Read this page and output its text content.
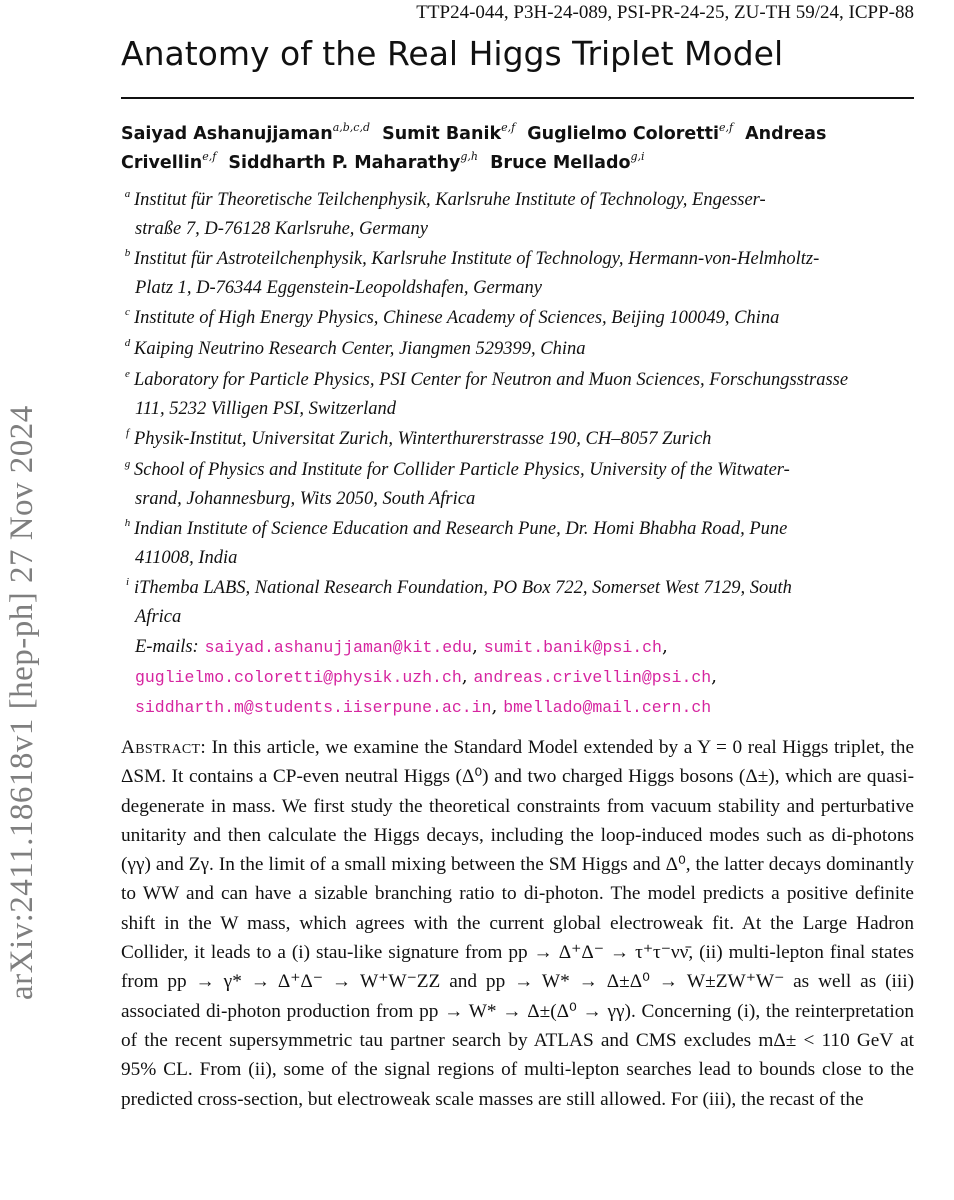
arXiv:2411.18618v1 [hep-ph] 27 Nov 2024
TTP24-044, P3H-24-089, PSI-PR-24-25, ZU-TH 59/24, ICPP-88
Anatomy of the Real Higgs Triplet Model
Saiyad Ashanujjaman$^{a,b,c,d}$ Sumit Banik$^{e,f}$ Guglielmo Coloretti$^{e,f}$ Andreas Crivellin$^{e,f}$ Siddharth P. Maharathy$^{g,h}$ Bruce Mellado$^{g,i}$
$^a$ Institut für Theoretische Teilchenphysik, Karlsruhe Institute of Technology, Engesser-
straße 7, D-76128 Karlsruhe, Germany
$^b$ Institut für Astroteilchenphysik, Karlsruhe Institute of Technology, Hermann-von-Helmholtz-
Platz 1, D-76344 Eggenstein-Leopoldshafen, Germany
$^c$ Institute of High Energy Physics, Chinese Academy of Sciences, Beijing 100049, China
$^d$ Kaiping Neutrino Research Center, Jiangmen 529399, China
$^e$ Laboratory for Particle Physics, PSI Center for Neutron and Muon Sciences, Forschungsstrasse
111, 5232 Villigen PSI, Switzerland
$^f$ Physik-Institut, Universitat Zurich, Winterthurerstrasse 190, CH–8057 Zurich
$^g$ School of Physics and Institute for Collider Particle Physics, University of the Witwater-
srand, Johannesburg, Wits 2050, South Africa
$^h$ Indian Institute of Science Education and Research Pune, Dr. Homi Bhabha Road, Pune
411008, India
$^i$ iThemba LABS, National Research Foundation, PO Box 722, Somerset West 7129, South
Africa
E-mails: saiyad.ashanujjaman@kit.edu, sumit.banik@psi.ch,
guglielmo.coloretti@physik.uzh.ch, andreas.crivellin@psi.ch,
siddharth.m@students.iiserpune.ac.in, bmellado@mail.cern.ch
Abstract: In this article, we examine the Standard Model extended by a Y = 0 real Higgs triplet, the ΔSM. It contains a CP-even neutral Higgs (Δ⁰) and two charged Higgs bosons (Δ±), which are quasi-degenerate in mass. We first study the theoretical constraints from vacuum stability and perturbative unitarity and then calculate the Higgs decays, including the loop-induced modes such as di-photons (γγ) and Zγ. In the limit of a small mixing between the SM Higgs and Δ⁰, the latter decays dominantly to WW and can have a sizable branching ratio to di-photon. The model predicts a positive definite shift in the W mass, which agrees with the current global electroweak fit. At the Large Hadron Collider, it leads to a (i) stau-like signature from pp → Δ⁺Δ⁻ → τ⁺τ⁻νν̄, (ii) multi-lepton final states from pp → γ* → Δ⁺Δ⁻ → W⁺W⁻ZZ and pp → W* → Δ±Δ⁰ → W±ZW⁺W⁻ as well as (iii) associated di-photon production from pp → W* → Δ±(Δ⁰ → γγ). Concerning (i), the reinterpretation of the recent supersymmetric tau partner search by ATLAS and CMS excludes mΔ± < 110 GeV at 95% CL. From (ii), some of the signal regions of multi-lepton searches lead to bounds close to the predicted cross-section, but electroweak scale masses are still allowed. For (iii), the recast of the
